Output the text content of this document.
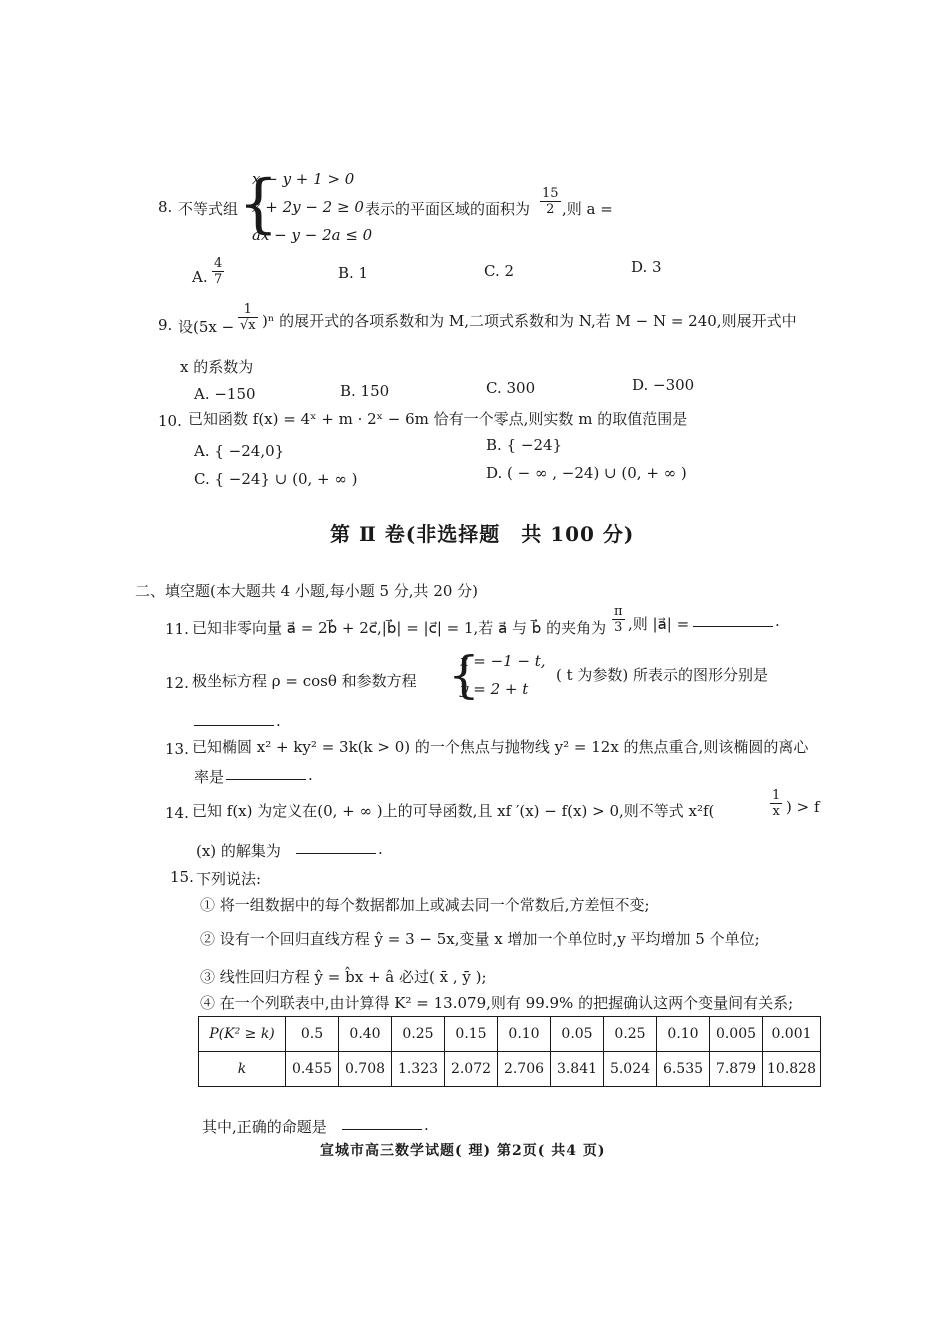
8. 不等式组 {
x − y + 1 > 0
x + 2y − 2 ≥ 0
ax − y − 2a ≤ 0
表示的平面区域的面积为 $\frac{15}{2}$ ,则 a =
A. $\frac{4}{7}$	B. 1	C. 2	D. 3
9. 设$(5x - \frac{1}{√x} )^n$ 的展开式的各项系数和为 M,二项式系数和为 N,若 M − N = 240,则展开式中
x 的系数为
A. −150	B. 150	C. 300	D. −300
10. 已知函数 f(x) = 4ˣ + m · 2ˣ − 6m 恰有一个零点,则实数 m 的取值范围是
A. { −24,0}	B. { −24}
C. { −24} ∪ (0, + ∞ )	D. ( − ∞ , −24) ∪ (0, + ∞ )
第 Ⅱ 卷(非选择题　共 100 分)
二、填空题(本大题共 4 小题,每小题 5 分,共 20 分)
11. 已知非零向量 a⃗ = 2b⃗ + 2c⃗,|b⃗| = |c⃗| = 1,若 a⃗ 与 b⃗ 的夹角为 $\frac{\pi}{3}$ ,则 |a⃗| =	.
12. 极坐标方程 ρ = cosθ 和参数方程 {
x = −1 − t,
y = 2 + t
( t 为参数) 所表示的图形分别是
.
13. 已知椭圆 x² + ky² = 3k(k > 0) 的一个焦点与抛物线 y² = 12x 的焦点重合,则该椭圆的离心
率是	.
14. 已知 f(x) 为定义在(0, + ∞ )上的可导函数,且 xf ′(x) − f(x) > 0,则不等式 x²f(	$\frac{1}{x}$ ) > f
(x) 的解集为	.
15. 下列说法:
① 将一组数据中的每个数据都加上或减去同一个常数后,方差恒不变;
② 设有一个回归直线方程 ŷ = 3 − 5x,变量 x 增加一个单位时,y 平均增加 5 个单位;
③ 线性回归方程 ŷ = b̂x + â 必过( x̄ , ȳ );
④ 在一个列联表中,由计算得 K² = 13.079,则有 99.9% 的把握确认这两个变量间有关系;
P(K² ≥ k)	0.5	0.40	0.25	0.15	0.10	0.05	0.25	0.10	0.005	0.001
k	0.455	0.708	1.323	2.072	2.706	3.841	5.024	6.535	7.879	10.828
其中,正确的命题是	.
宣城市高三数学试题( 理) 第2页( 共4 页)
